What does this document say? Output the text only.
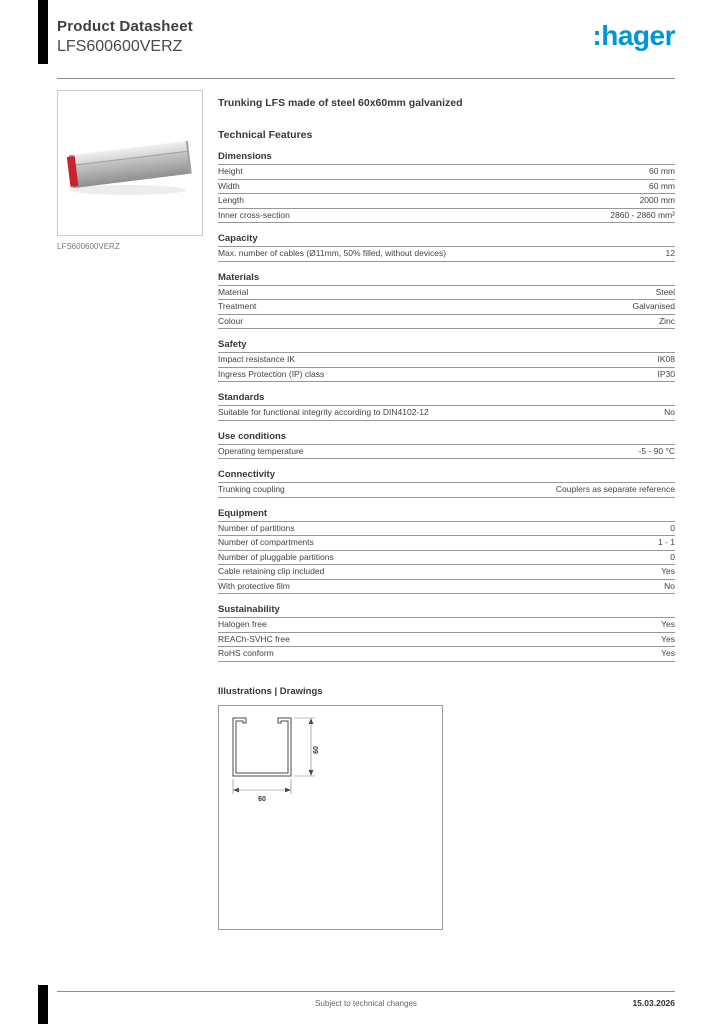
Product Datasheet
LFS600600VERZ	:hager
LFS600600VERZ
Trunking LFS made of steel 60x60mm galvanized
Technical Features
Dimensions
Height	60 mm
Width	60 mm
Length	2000 mm
Inner cross-section	2860 - 2860 mm²
Capacity
Max. number of cables (Ø11mm, 50% filled, without devices)	12
Materials
Material	Steel
Treatment	Galvanised
Colour	Zinc
Safety
Impact resistance IK	IK08
Ingress Protection (IP) class	IP30
Standards
Suitable for functional integrity according to DIN4102-12	No
Use conditions
Operating temperature	-5 - 90 °C
Connectivity
Trunking coupling	Couplers as separate reference
Equipment
Number of partitions	0
Number of compartments	1 - 1
Number of pluggable partitions	0
Cable retaining clip included	Yes
With protective film	No
Sustainability
Halogen free	Yes
REACh-SVHC free	Yes
RoHS conform	Yes
Illustrations | Drawings
60
60
Subject to technical changes	15.03.2026
